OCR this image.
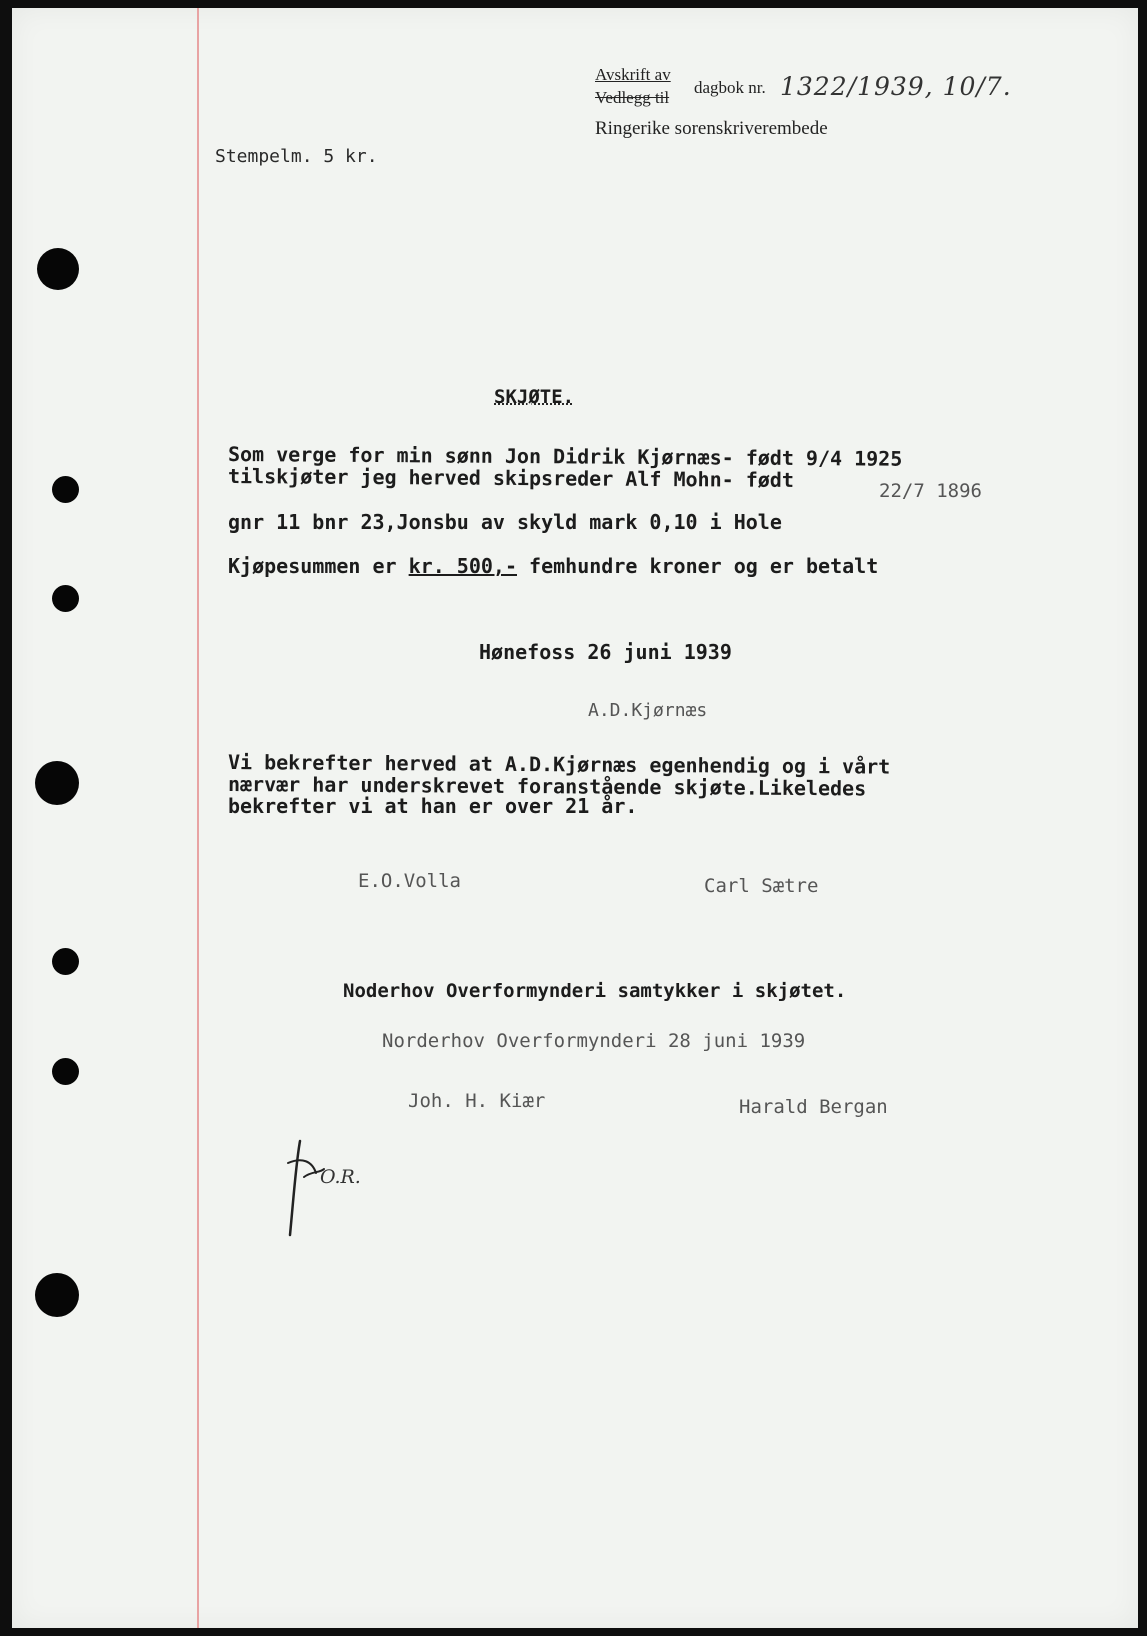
Avskrift av
Vedlegg til
dagbok nr. 1322/1939, 10/7.
Ringerike sorenskriverembede
Stempelm. 5 kr.
SKJØTE.
Som verge for min sønn Jon Didrik Kjørnæs- født 9/4 1925
tilskjøter jeg herved skipsreder Alf Mohn- født	22/7 1896
gnr 11 bnr 23,Jonsbu av skyld mark 0,10 i Hole
Kjøpesummen er kr. 500,- femhundre kroner og er betalt
Hønefoss 26 juni 1939
A.D.Kjørnæs
Vi bekrefter herved at A.D.Kjørnæs egenhendig og i vårt
nærvær har underskrevet foranstående skjøte.Likeledes
bekrefter vi at han er over 21 år.
E.O.Volla	Carl Sætre
Noderhov Overformynderi samtykker i skjøtet.
Norderhov Overformynderi 28 juni 1939
Joh. H. Kiær	Harald Bergan
O.R.
